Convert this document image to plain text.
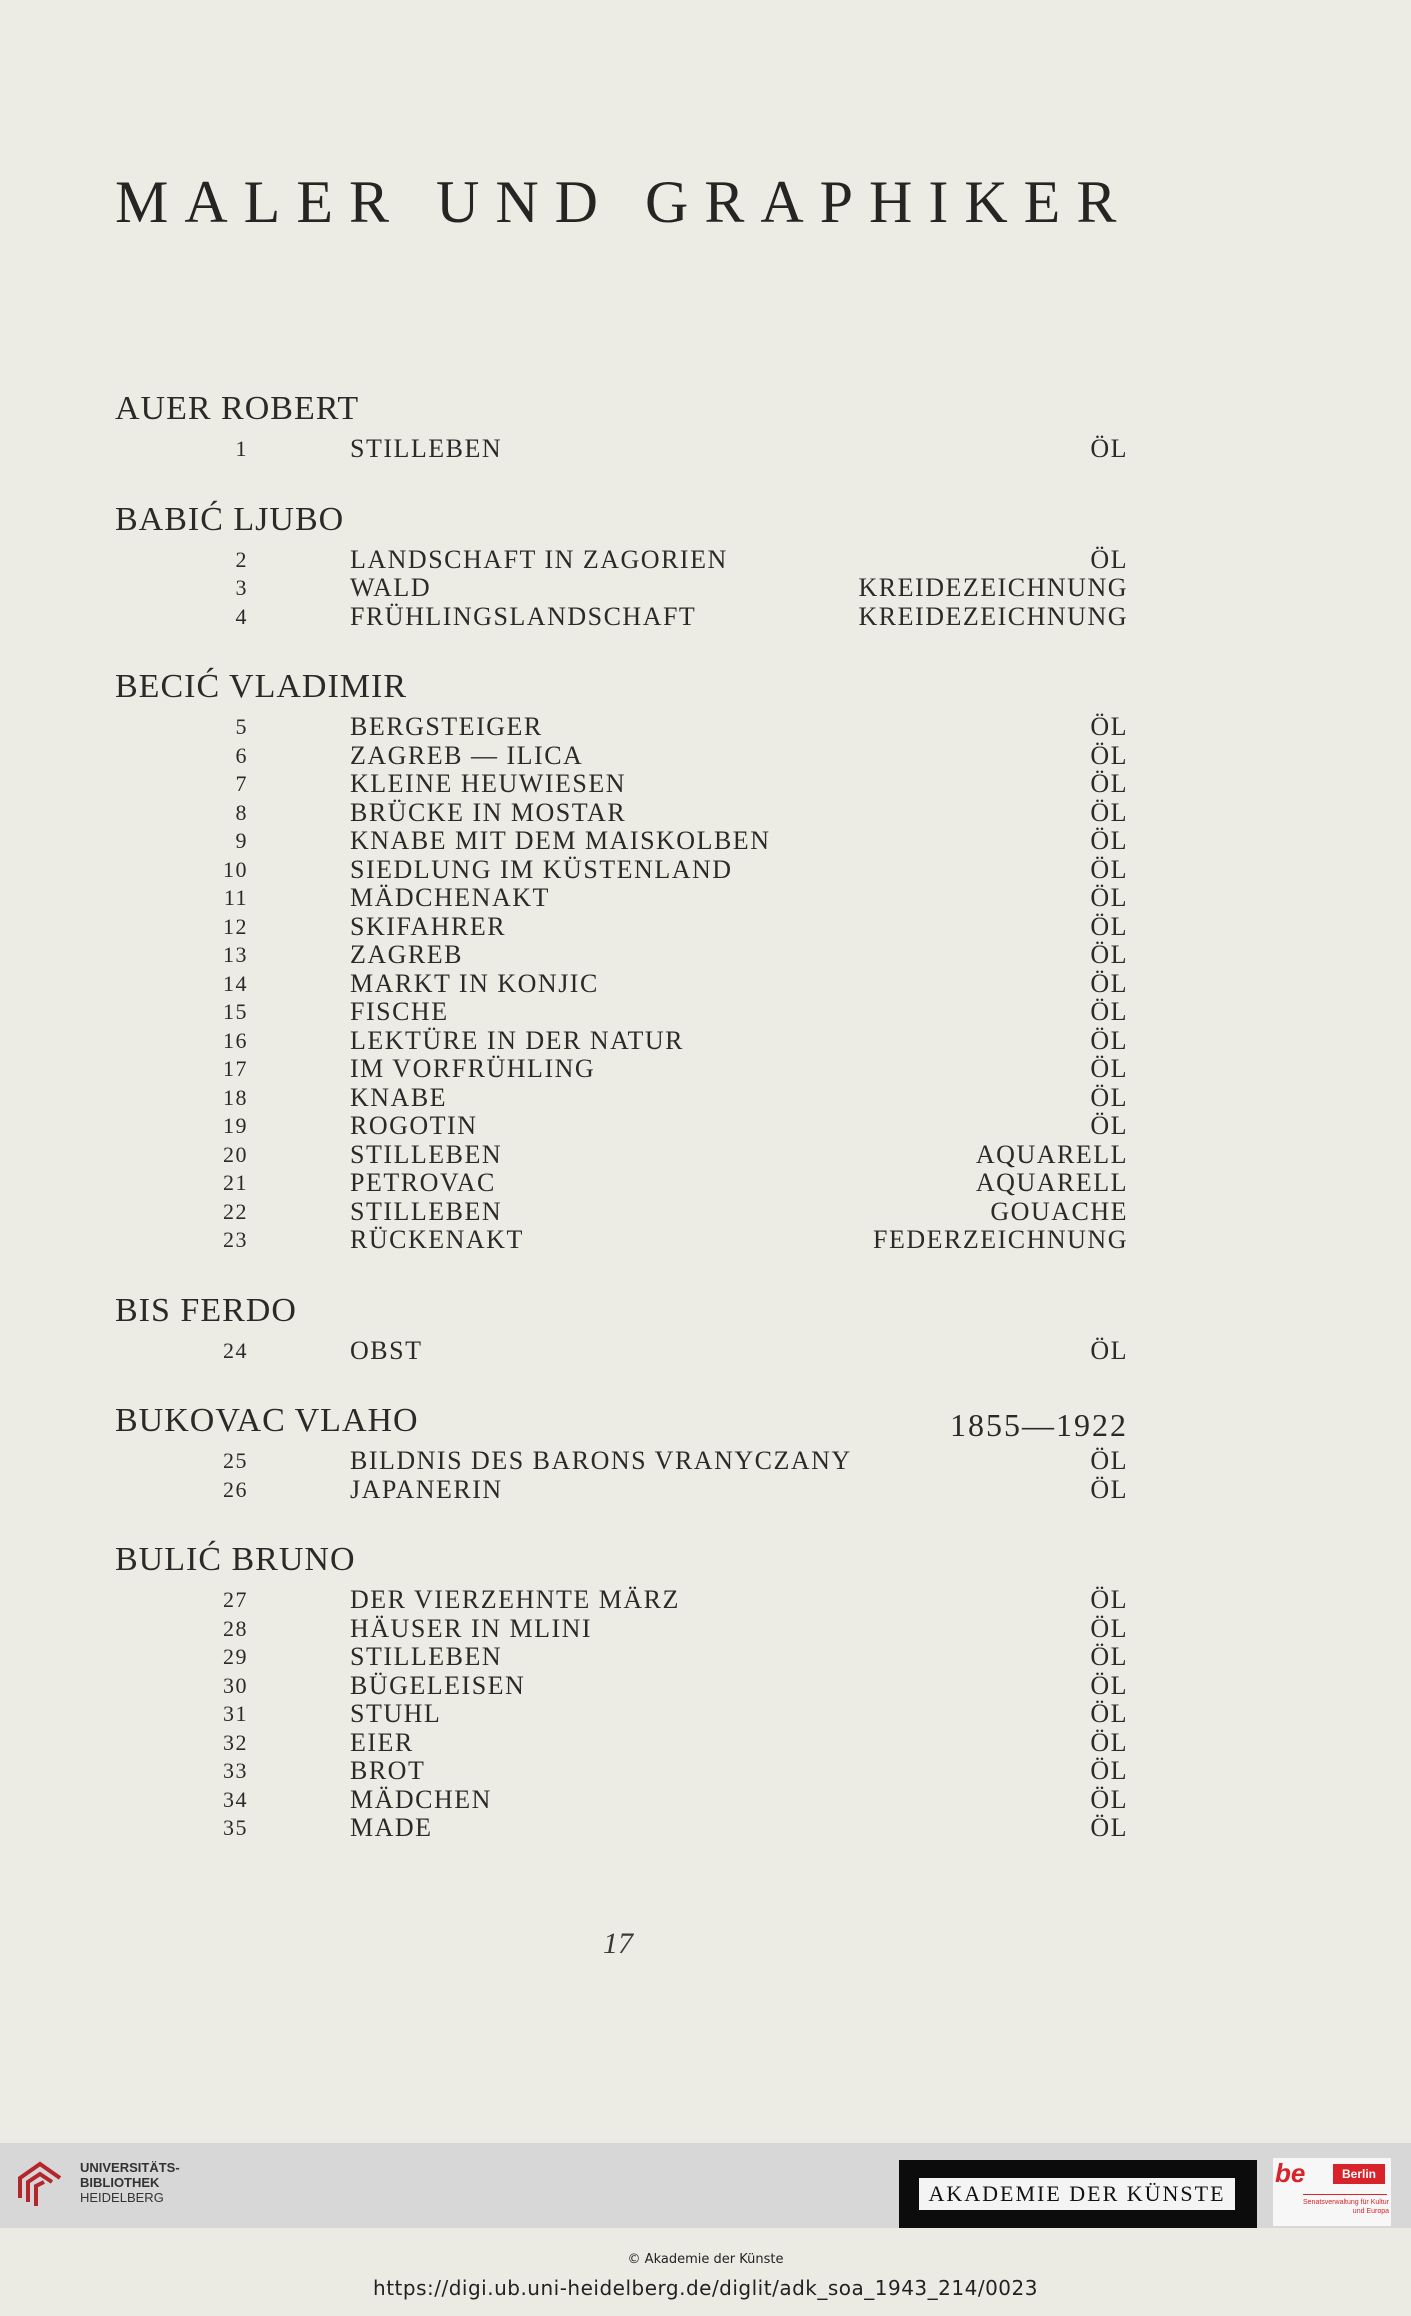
MALER UND GRAPHIKER
AUER ROBERT
1	STILLEBEN	ÖL
BABIĆ LJUBO
2	LANDSCHAFT IN ZAGORIEN	ÖL
3	WALD	KREIDEZEICHNUNG
4	FRÜHLINGSLANDSCHAFT	KREIDEZEICHNUNG
BECIĆ VLADIMIR
5	BERGSTEIGER	ÖL
6	ZAGREB — ILICA	ÖL
7	KLEINE HEUWIESEN	ÖL
8	BRÜCKE IN MOSTAR	ÖL
9	KNABE MIT DEM MAISKOLBEN	ÖL
10	SIEDLUNG IM KÜSTENLAND	ÖL
11	MÄDCHENAKT	ÖL
12	SKIFAHRER	ÖL
13	ZAGREB	ÖL
14	MARKT IN KONJIC	ÖL
15	FISCHE	ÖL
16	LEKTÜRE IN DER NATUR	ÖL
17	IM VORFRÜHLING	ÖL
18	KNABE	ÖL
19	ROGOTIN	ÖL
20	STILLEBEN	AQUARELL
21	PETROVAC	AQUARELL
22	STILLEBEN	GOUACHE
23	RÜCKENAKT	FEDERZEICHNUNG
BIS FERDO
24	OBST	ÖL
BUKOVAC VLAHO	1855—1922
25	BILDNIS DES BARONS VRANYCZANY	ÖL
26	JAPANERIN	ÖL
BULIĆ BRUNO
27	DER VIERZEHNTE MÄRZ	ÖL
28	HÄUSER IN MLINI	ÖL
29	STILLEBEN	ÖL
30	BÜGELEISEN	ÖL
31	STUHL	ÖL
32	EIER	ÖL
33	BROT	ÖL
34	MÄDCHEN	ÖL
35	MADE	ÖL
17
UNIVERSITÄTS-
BIBLIOTHEK
HEIDELBERG	AKADEMIE DER KÜNSTE
be	Berlin
Senatsverwaltung für Kultur und Europa
© Akademie der Künste
https://digi.ub.uni-heidelberg.de/diglit/adk_soa_1943_214/0023
